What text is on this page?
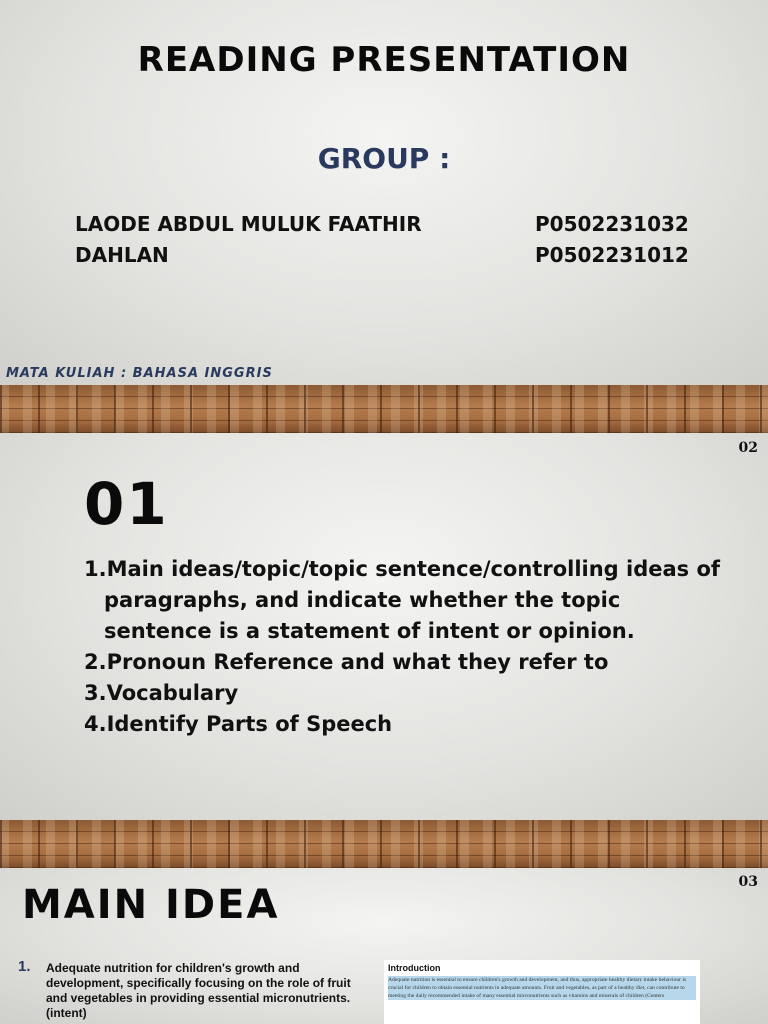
READING PRESENTATION
GROUP :
LAODE ABDUL MULUK FAATHIR	P0502231032
DAHLAN	P0502231012
MATA KULIAH : BAHASA INGGRIS
02
01
1.Main ideas/topic/topic sentence/controlling ideas of paragraphs, and indicate whether the topic sentence is a statement of intent or opinion.
2.Pronoun Reference and what they refer to
3.Vocabulary
4.Identify Parts of Speech
03
MAIN IDEA
1. Adequate nutrition for children's growth and development, specifically focusing on the role of fruit and vegetables in providing essential micronutrients. (intent)
Introduction
Adequate nutrition is essential to ensure children's growth and development, and thus, appropriate healthy dietary intake behaviour is crucial for children to obtain essential nutrients in adequate amounts. Fruit and vegetables, as part of a healthy diet, can contribute to meeting the daily recommended intake of many essential micronutrients such as vitamins and minerals of children (Centers
